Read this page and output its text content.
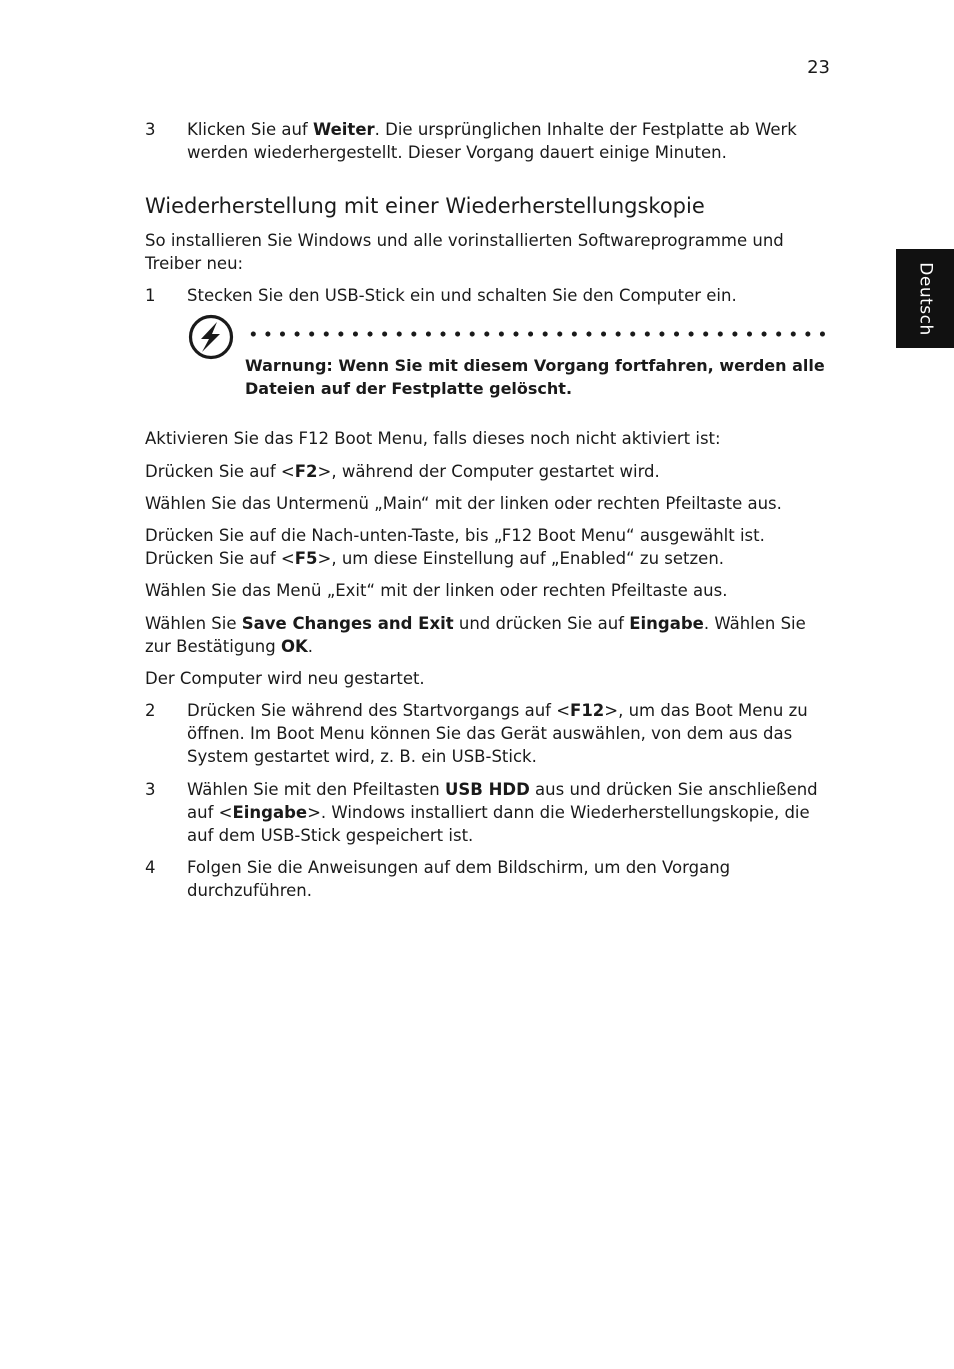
23
Deutsch
3	Klicken Sie auf Weiter. Die ursprünglichen Inhalte der Festplatte ab Werk werden wiederhergestellt. Dieser Vorgang dauert einige Minuten.
Wiederherstellung mit einer Wiederherstellungskopie
So installieren Sie Windows und alle vorinstallierten Softwareprogramme und Treiber neu:
1	Stecken Sie den USB-Stick ein und schalten Sie den Computer ein.
Warnung: Wenn Sie mit diesem Vorgang fortfahren, werden alle Dateien auf der Festplatte gelöscht.
Aktivieren Sie das F12 Boot Menu, falls dieses noch nicht aktiviert ist:
Drücken Sie auf <F2>, während der Computer gestartet wird.
Wählen Sie das Untermenü „Main“ mit der linken oder rechten Pfeiltaste aus.
Drücken Sie auf die Nach-unten-Taste, bis „F12 Boot Menu“ ausgewählt ist.
Drücken Sie auf <F5>, um diese Einstellung auf „Enabled“ zu setzen.
Wählen Sie das Menü „Exit“ mit der linken oder rechten Pfeiltaste aus.
Wählen Sie Save Changes and Exit und drücken Sie auf Eingabe. Wählen Sie zur Bestätigung OK.
Der Computer wird neu gestartet.
2	Drücken Sie während des Startvorgangs auf <F12>, um das Boot Menu zu öffnen. Im Boot Menu können Sie das Gerät auswählen, von dem aus das System gestartet wird, z. B. ein USB-Stick.
3	Wählen Sie mit den Pfeiltasten USB HDD aus und drücken Sie anschließend auf <Eingabe>. Windows installiert dann die Wiederherstellungskopie, die auf dem USB-Stick gespeichert ist.
4	Folgen Sie die Anweisungen auf dem Bildschirm, um den Vorgang durchzuführen.
